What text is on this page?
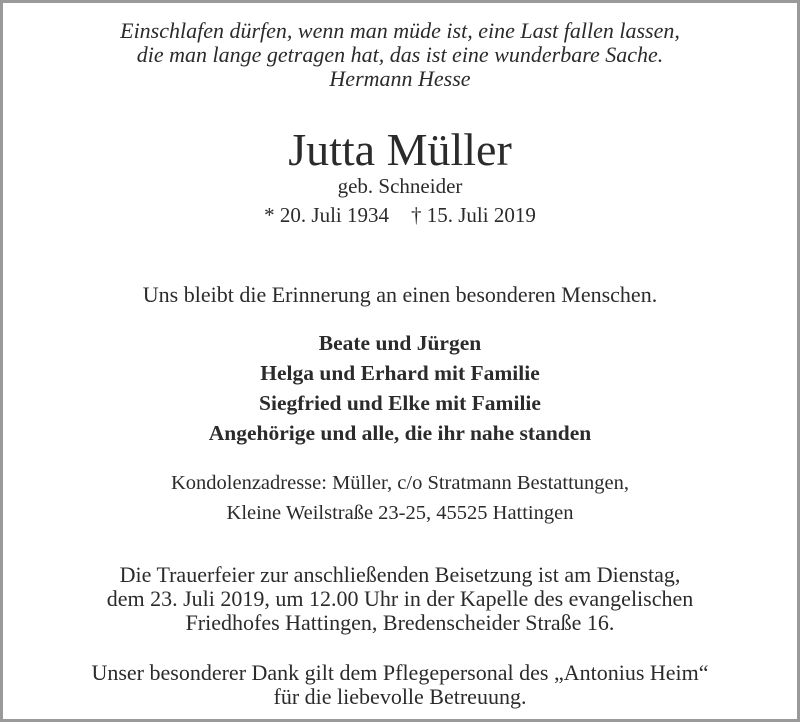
Einschlafen dürfen, wenn man müde ist, eine Last fallen lassen,
die man lange getragen hat, das ist eine wunderbare Sache.
Hermann Hesse
Jutta Müller
geb. Schneider
* 20. Juli 1934 † 15. Juli 2019
Uns bleibt die Erinnerung an einen besonderen Menschen.
Beate und Jürgen
Helga und Erhard mit Familie
Siegfried und Elke mit Familie
Angehörige und alle, die ihr nahe standen
Kondolenzadresse: Müller, c/o Stratmann Bestattungen,
Kleine Weilstraße 23-25, 45525 Hattingen
Die Trauerfeier zur anschließenden Beisetzung ist am Dienstag,
dem 23. Juli 2019, um 12.00 Uhr in der Kapelle des evangelischen
Friedhofes Hattingen, Bredenscheider Straße 16.
Unser besonderer Dank gilt dem Pflegepersonal des „Antonius Heim“
für die liebevolle Betreuung.
